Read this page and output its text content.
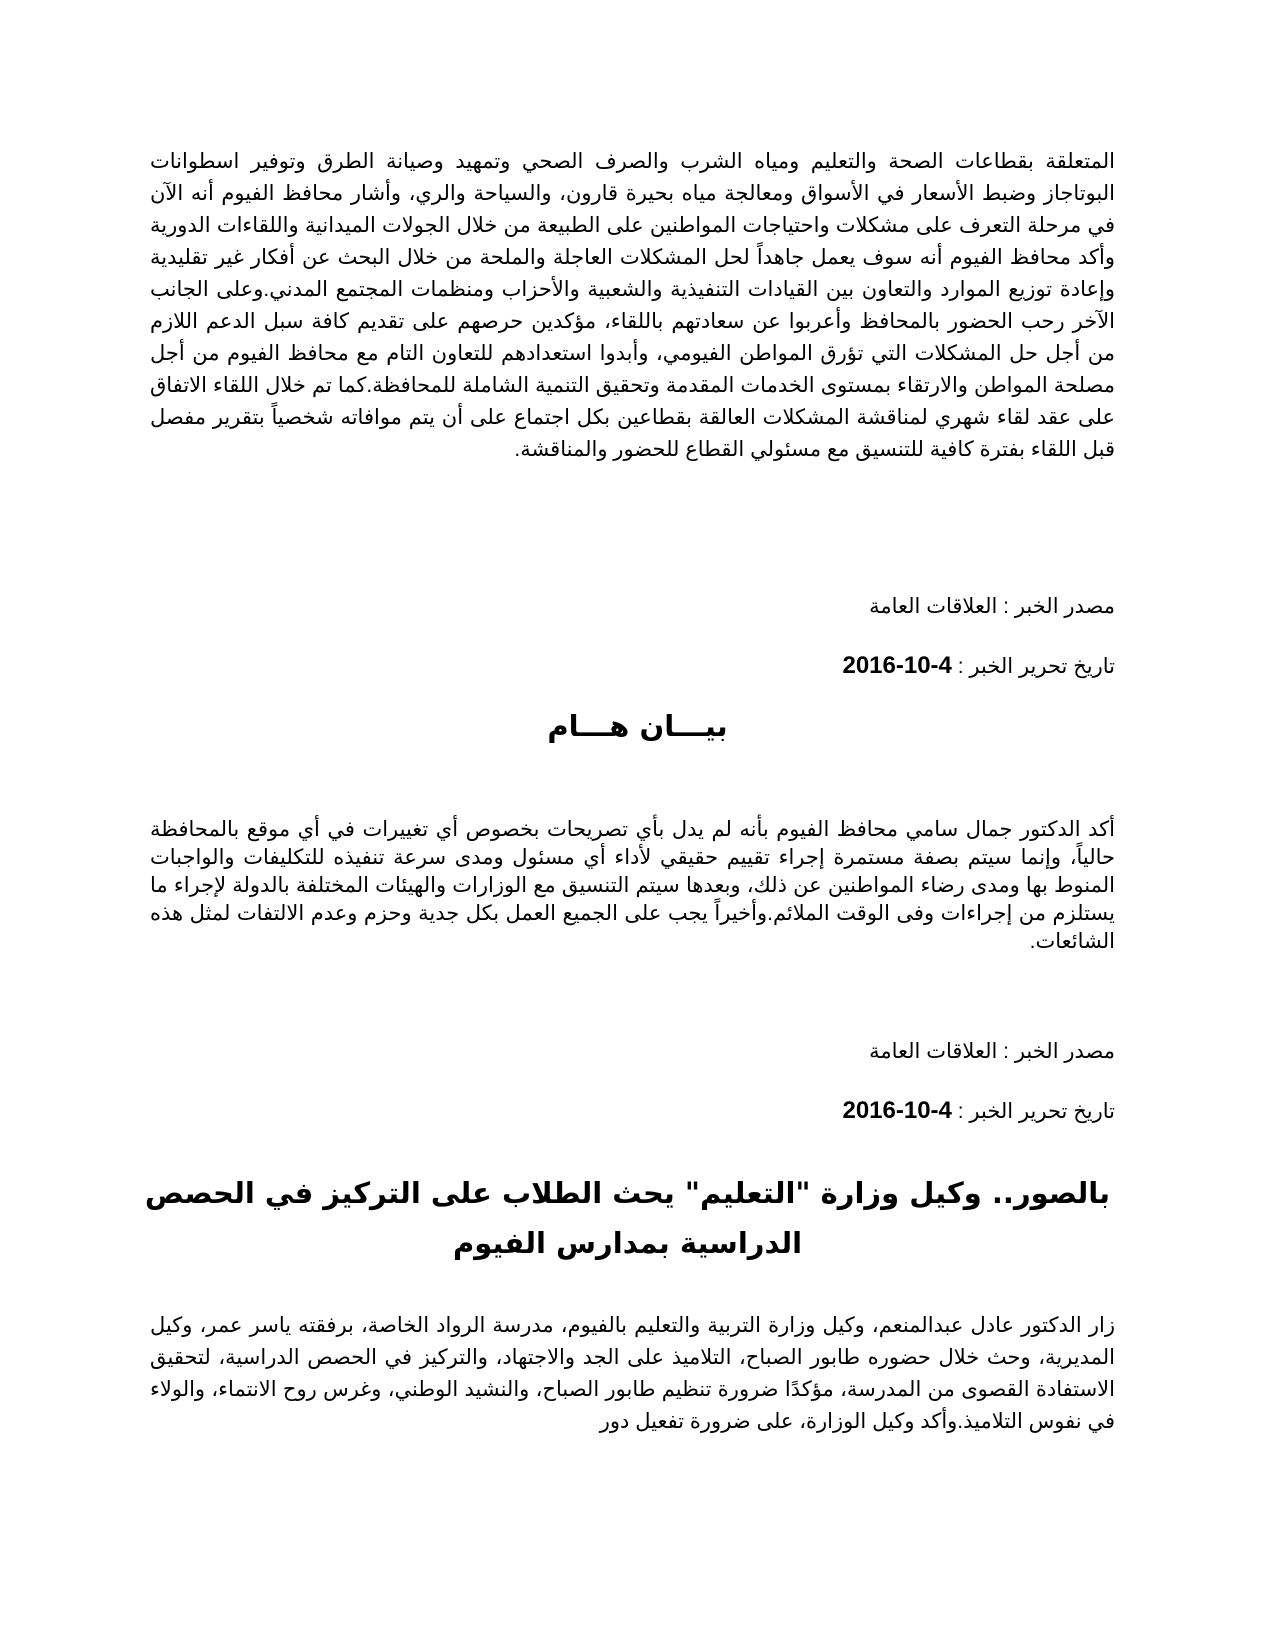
المتعلقة بقطاعات الصحة والتعليم ومياه الشرب والصرف الصحي وتمهيد وصيانة الطرق وتوفير اسطوانات البوتاجاز وضبط الأسعار في الأسواق ومعالجة مياه بحيرة قارون، والسياحة والري، وأشار محافظ الفيوم أنه الآن في مرحلة التعرف على مشكلات واحتياجات المواطنين على الطبيعة من خلال الجولات الميدانية واللقاءات الدورية وأكد محافظ الفيوم أنه سوف يعمل جاهداً لحل المشكلات العاجلة والملحة من خلال البحث عن أفكار غير تقليدية وإعادة توزيع الموارد والتعاون بين القيادات التنفيذية والشعبية والأحزاب ومنظمات المجتمع المدني.وعلى الجانب الآخر رحب الحضور بالمحافظ وأعربوا عن سعادتهم باللقاء، مؤكدين حرصهم على تقديم كافة سبل الدعم اللازم من أجل حل المشكلات التي تؤرق المواطن الفيومي، وأبدوا استعدادهم للتعاون التام مع محافظ الفيوم من أجل مصلحة المواطن والارتقاء بمستوى الخدمات المقدمة وتحقيق التنمية الشاملة للمحافظة.كما تم خلال اللقاء الاتفاق على عقد لقاء شهري لمناقشة المشكلات العالقة بقطاعين بكل اجتماع على أن يتم موافاته شخصياً بتقرير مفصل قبل اللقاء بفترة كافية للتنسيق مع مسئولي القطاع للحضور والمناقشة.

مصدر الخبر : العلاقات العامة

تاريخ تحرير الخبر : 2016-10-4

بيـــان هـــام

أكد الدكتور جمال سامي محافظ الفيوم بأنه لم يدل بأي تصريحات بخصوص أي تغييرات في أي موقع بالمحافظة حالياً، وإنما سيتم بصفة مستمرة إجراء تقييم حقيقي لأداء أي مسئول ومدى سرعة تنفيذه للتكليفات والواجبات المنوط بها ومدى رضاء المواطنين عن ذلك، وبعدها سيتم التنسيق مع الوزارات والهيئات المختلفة بالدولة لإجراء ما يستلزم من إجراءات وفى الوقت الملائم.وأخيراً يجب على الجميع العمل بكل جدية وحزم وعدم الالتفات لمثل هذه الشائعات.

مصدر الخبر : العلاقات العامة

تاريخ تحرير الخبر : 2016-10-4

بالصور.. وكيل وزارة "التعليم" يحث الطلاب على التركيز في الحصص الدراسية بمدارس الفيوم

زار الدكتور عادل عبدالمنعم، وكيل وزارة التربية والتعليم بالفيوم، مدرسة الرواد الخاصة، برفقته ياسر عمر، وكيل المديرية، وحث خلال حضوره طابور الصباح، التلاميذ على الجد والاجتهاد، والتركيز في الحصص الدراسية، لتحقيق الاستفادة القصوى من المدرسة، مؤكدًا ضرورة تنظيم طابور الصباح، والنشيد الوطني، وغرس روح الانتماء، والولاء في نفوس التلاميذ.وأكد وكيل الوزارة، على ضرورة تفعيل دور
